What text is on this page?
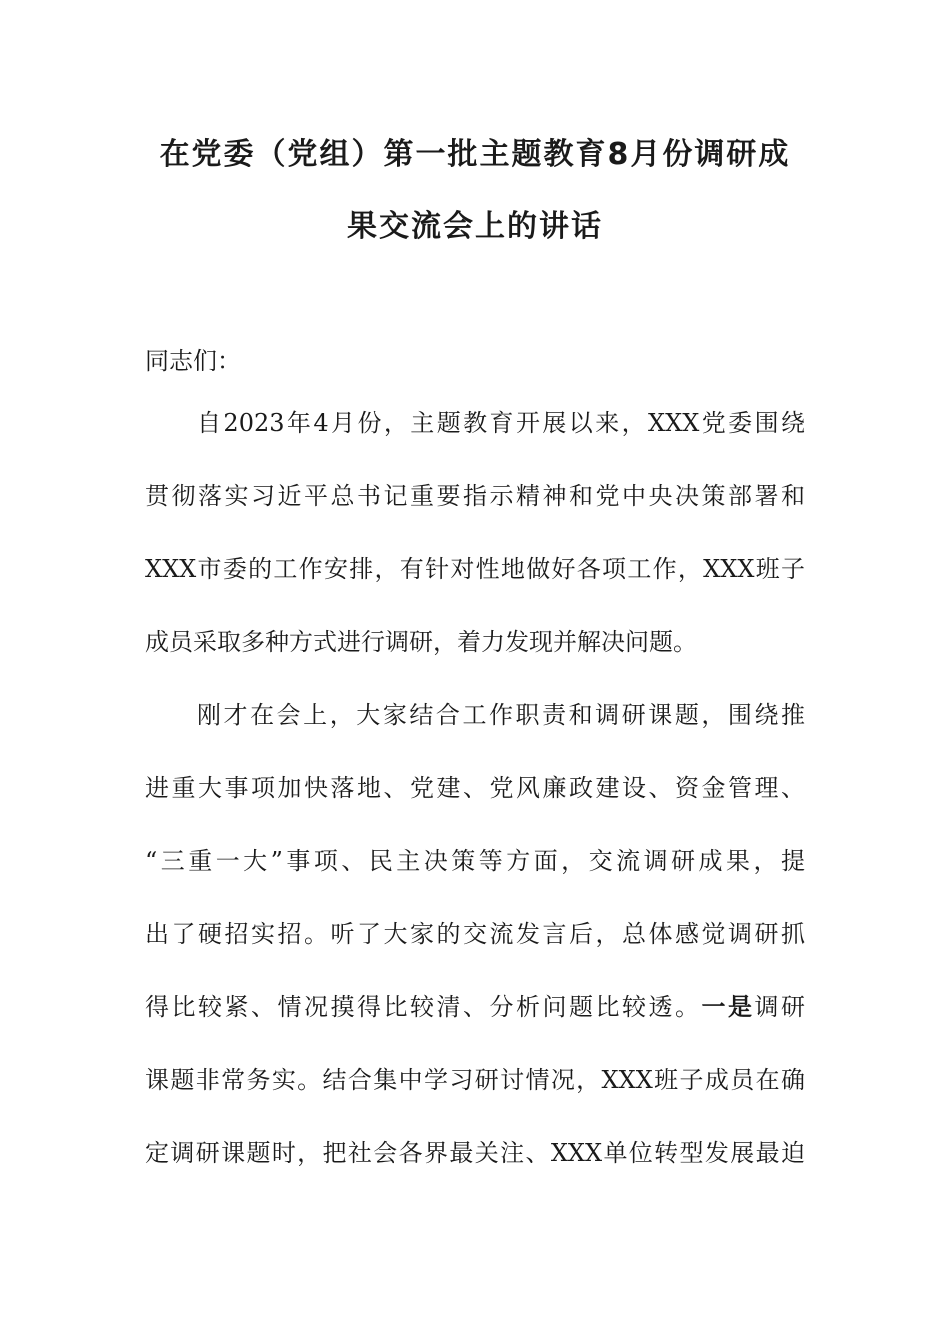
在党委（党组）第一批主题教育8月份调研成
果交流会上的讲话
同志们：
自2023年4月份，主题教育开展以来，XXX党委围绕
贯彻落实习近平总书记重要指示精神和党中央决策部署和
XXX市委的工作安排，有针对性地做好各项工作，XXX班子
成员采取多种方式进行调研，着力发现并解决问题。
刚才在会上，大家结合工作职责和调研课题，围绕推
进重大事项加快落地、党建、党风廉政建设、资金管理、
“三重一大”事项、民主决策等方面，交流调研成果，提
出了硬招实招。听了大家的交流发言后，总体感觉调研抓
得比较紧、情况摸得比较清、分析问题比较透。一是调研
课题非常务实。结合集中学习研讨情况，XXX班子成员在确
定调研课题时，把社会各界最关注、XXX单位转型发展最迫
